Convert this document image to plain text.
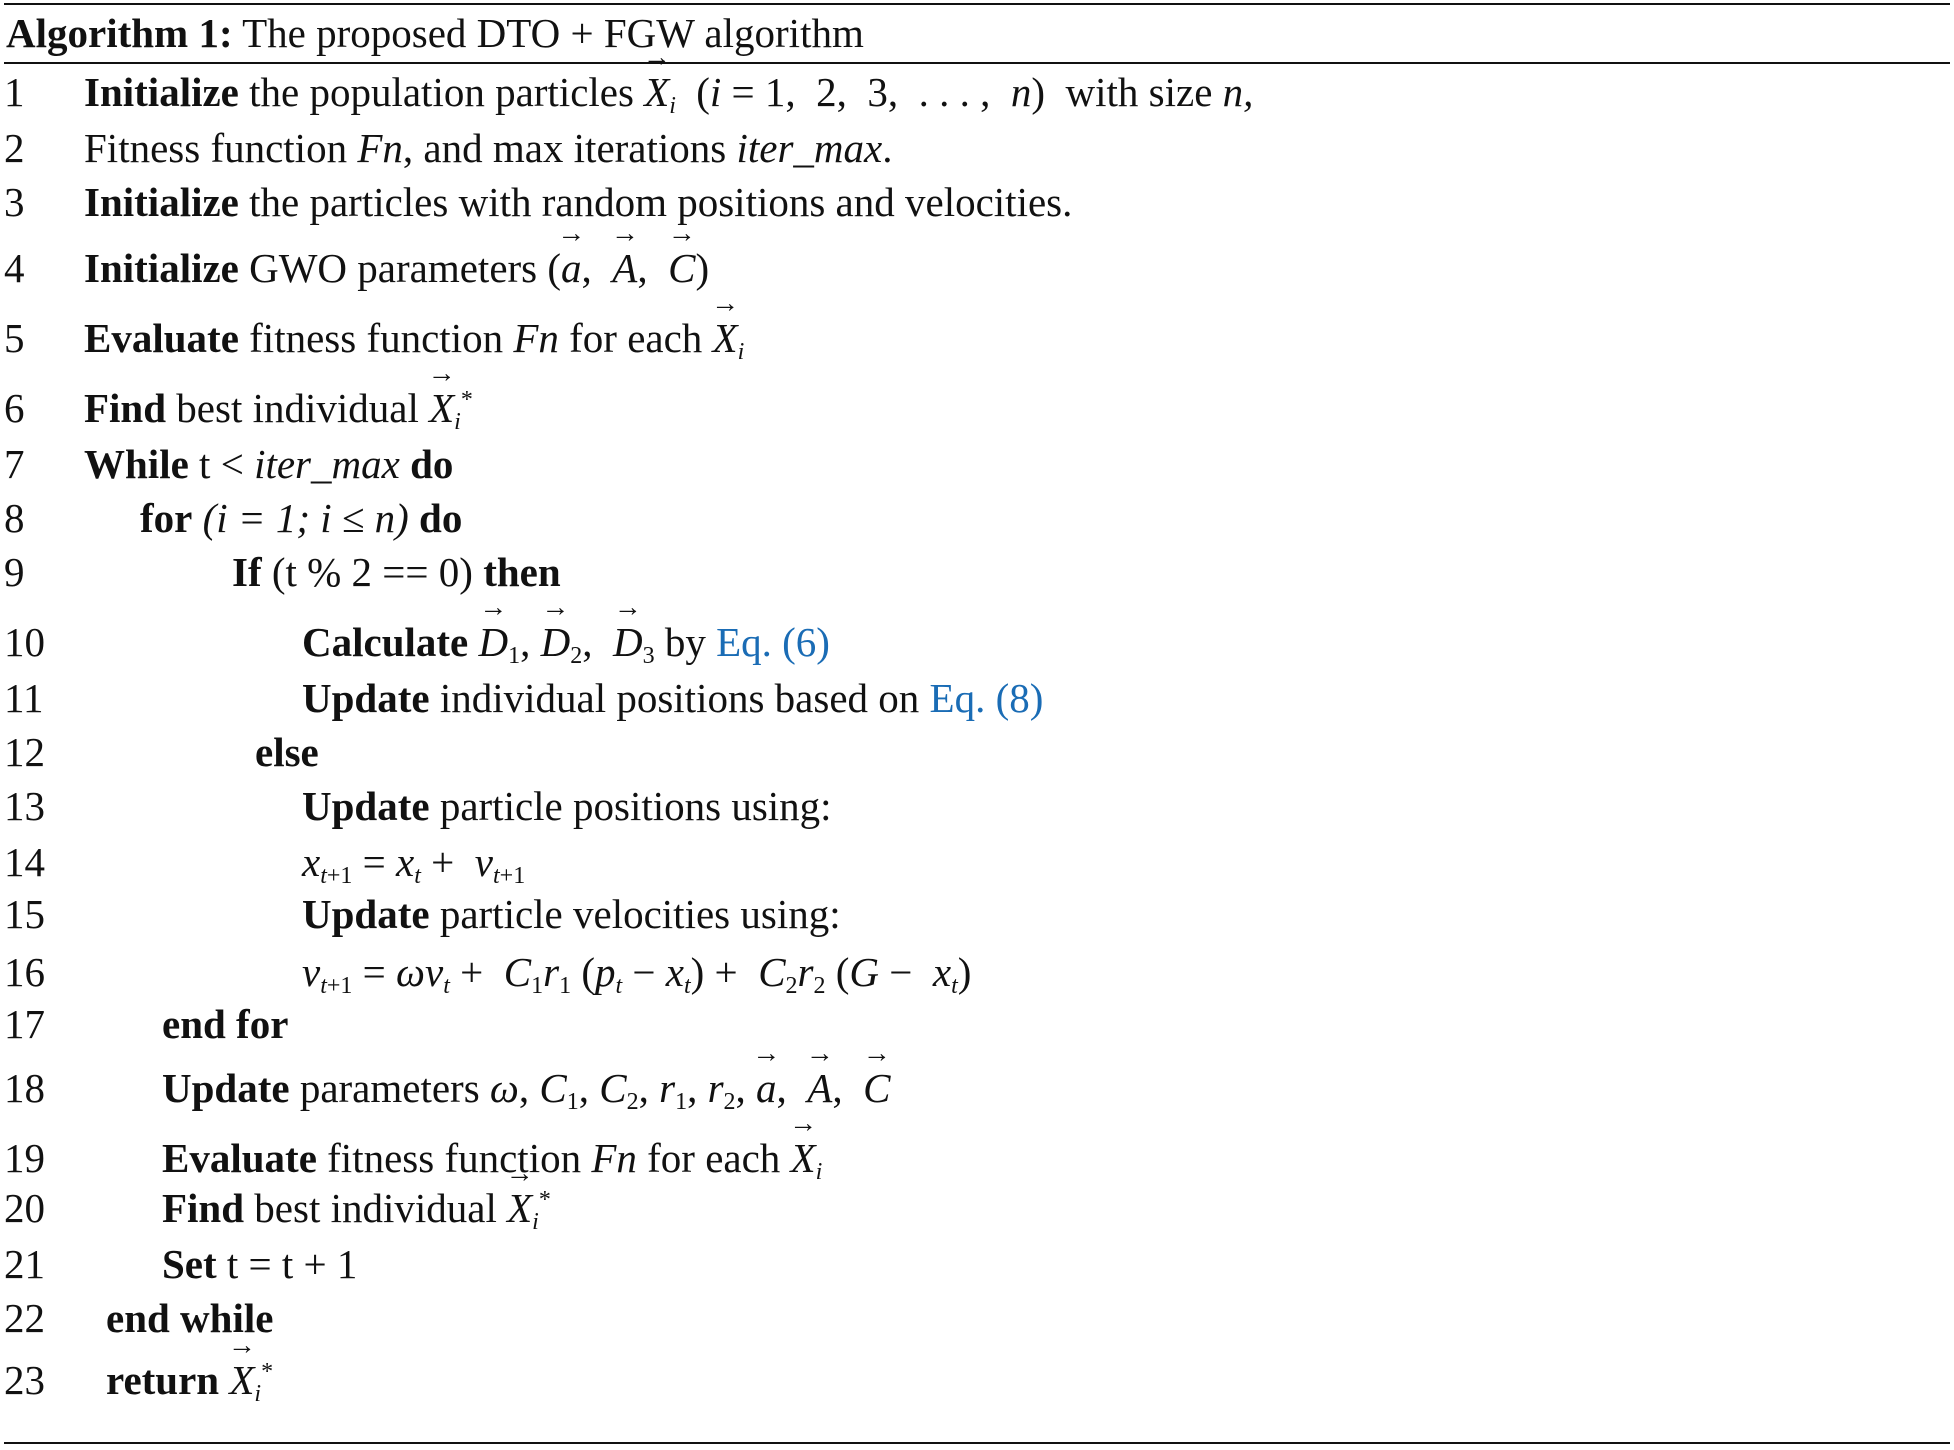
Algorithm 1: The proposed DTO + FGW algorithm
1 Initialize the population particles → $X_i$ (i = 1,  2,  3,  . . . ,  n)  with size n,
2 Fitness function Fn, and max iterations iter_max.
3 Initialize the particles with random positions and velocities.
4 Initialize GWO parameters (→ a,  → A,  → C)
5 Evaluate fitness function Fn for each → $X_i$
6 Find best individual → $X_i^*$
7 While t < iter_max do
8	for (i = 1; i ≤ n) do
9	If (t % 2 == 0) then
10	Calculate → $D_1$, → $D_2$,  → $D_3$ by Eq. (6)
11	Update individual positions based on Eq. (8)
12	else
13	Update particle positions using:
14	$x_{t+1} = x_t + v_{t+1}$
15	Update particle velocities using:
16	$v_{t+1} = \omega v_t + C_1r_1$ $(p_t - x_t) + C_2r_2$ $(G - x_t)$
17	end for
18	Update parameters ω, $C_1$, $C_2$, $r_1$, $r_2$, → a,  → A,  → C
19	Evaluate fitness function Fn for each → $X_i$
20	Find best individual → $X_i^*$
21	Set t = t + 1
22 end while
23 return → $X_i^*$
